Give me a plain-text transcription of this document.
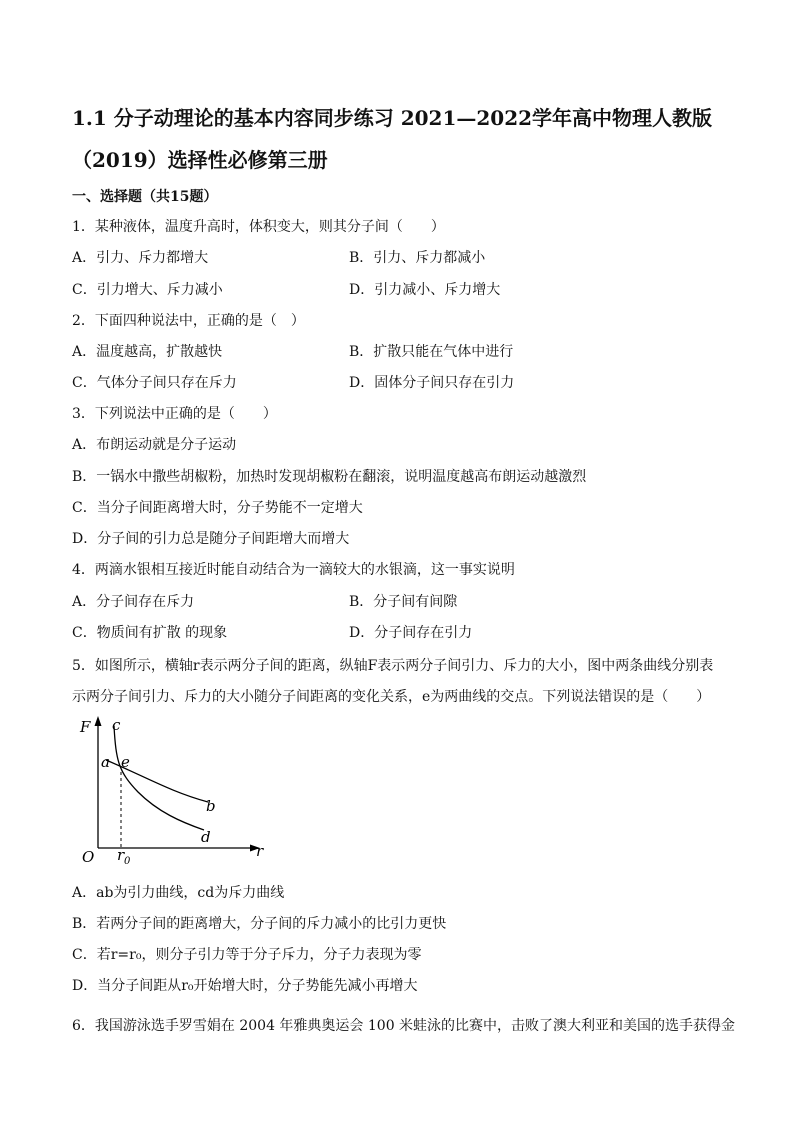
1.1 分子动理论的基本内容同步练习 2021—2022学年高中物理人教版
（2019）选择性必修第三册
一、选择题（共15题）
1．某种液体，温度升高时，体积变大，则其分子间（　　）
A．引力、斥力都增大	B．引力、斥力都减小
C．引力增大、斥力减小	D．引力减小、斥力增大
2．下面四种说法中，正确的是（　）
A．温度越高，扩散越快	B．扩散只能在气体中进行
C．气体分子间只存在斥力	D．固体分子间只存在引力
3．下列说法中正确的是（　　）
A．布朗运动就是分子运动
B．一锅水中撒些胡椒粉，加热时发现胡椒粉在翻滚，说明温度越高布朗运动越激烈
C．当分子间距离增大时，分子势能不一定增大
D．分子间的引力总是随分子间距增大而增大
4．两滴水银相互接近时能自动结合为一滴较大的水银滴，这一事实说明
A．分子间存在斥力	B．分子间有间隙
C．物质间有扩散 的现象	D．分子间存在引力
5．如图所示，横轴r表示两分子间的距离，纵轴F表示两分子间引力、斥力的大小，图中两条曲线分别表
示两分子间引力、斥力的大小随分子间距离的变化关系，e为两曲线的交点。下列说法错误的是（　　）
F c
a e
b
d
O r 0
r
A．ab为引力曲线，cd为斥力曲线
B．若两分子间的距离增大，分子间的斥力减小的比引力更快
C．若r=r₀，则分子引力等于分子斥力，分子力表现为零
D．当分子间距从r₀开始增大时，分子势能先减小再增大
6．我国游泳选手罗雪娟在 2004 年雅典奥运会 100 米蛙泳的比赛中，击败了澳大利亚和美国的选手获得金
